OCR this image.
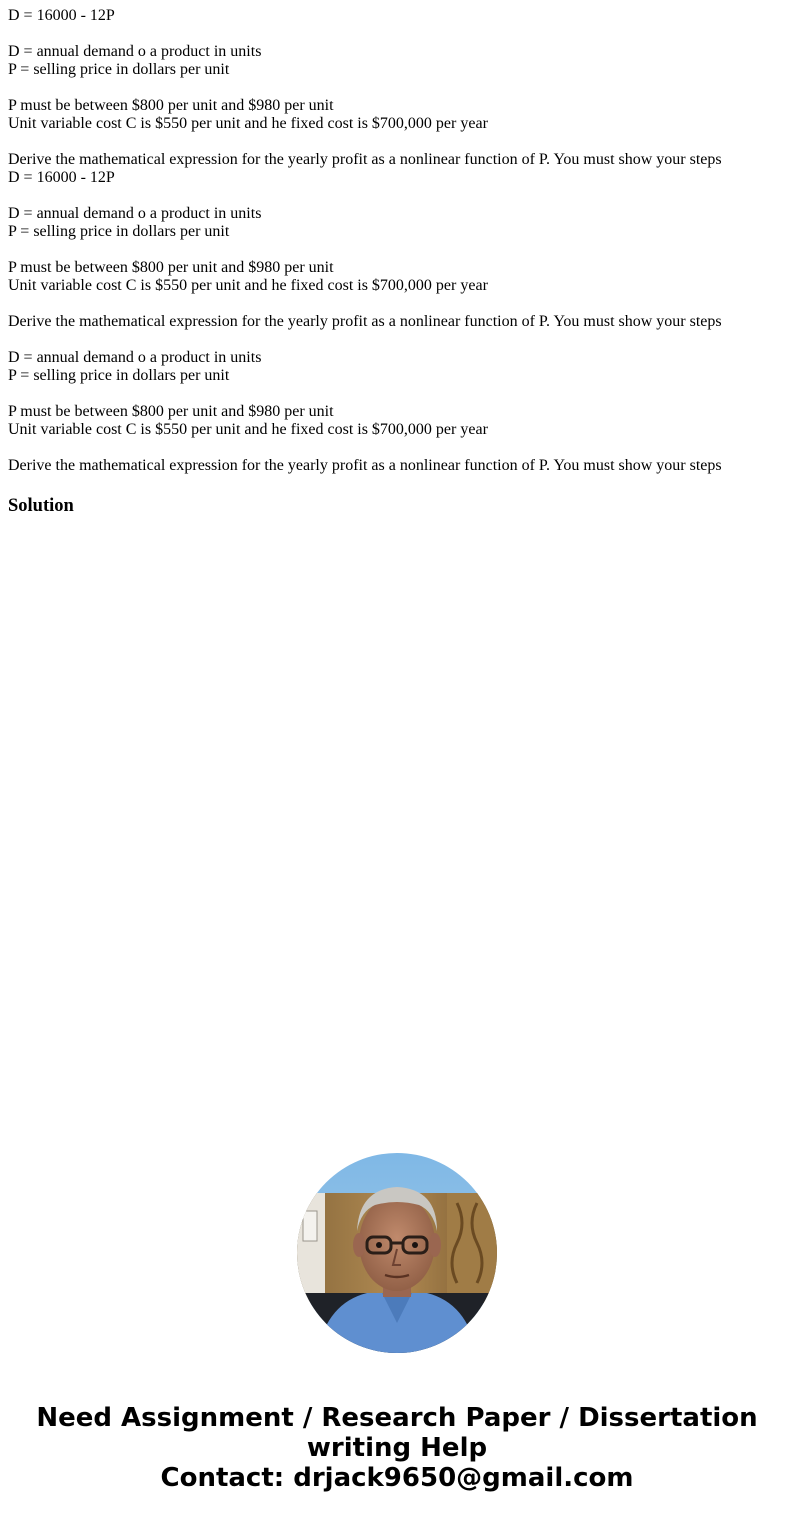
D = 16000 - 12P
D = annual demand o a product in units
P = selling price in dollars per unit
P must be between $800 per unit and $980 per unit
Unit variable cost C is $550 per unit and he fixed cost is $700,000 per year
Derive the mathematical expression for the yearly profit as a nonlinear function of P. You must show your steps
D = 16000 - 12P
D = annual demand o a product in units
P = selling price in dollars per unit
P must be between $800 per unit and $980 per unit
Unit variable cost C is $550 per unit and he fixed cost is $700,000 per year
Derive the mathematical expression for the yearly profit as a nonlinear function of P. You must show your steps
D = annual demand o a product in units
P = selling price in dollars per unit
P must be between $800 per unit and $980 per unit
Unit variable cost C is $550 per unit and he fixed cost is $700,000 per year
Derive the mathematical expression for the yearly profit as a nonlinear function of P. You must show your steps
Solution
Need Assignment / Research Paper / Dissertation
writing Help
Contact: drjack9650@gmail.com
